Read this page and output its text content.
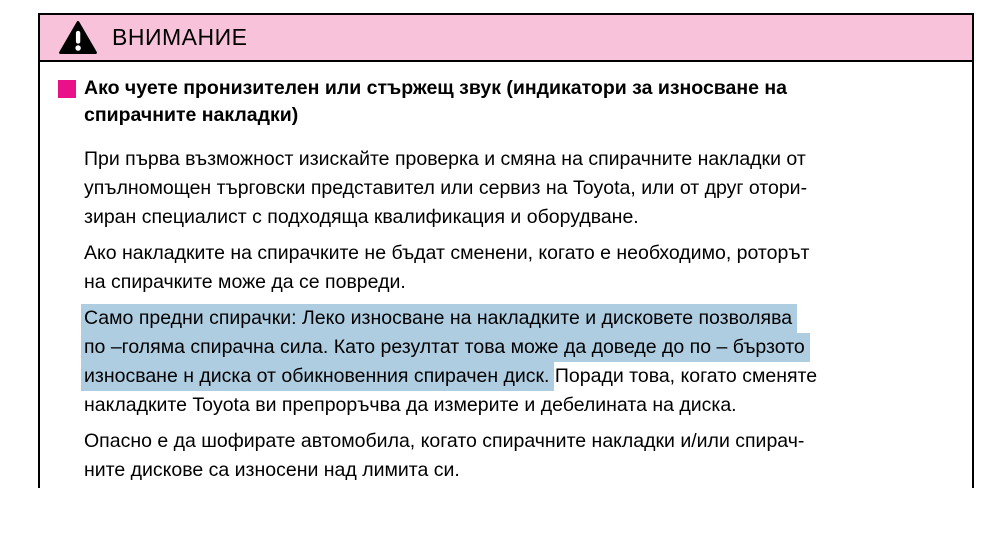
ВНИМАНИЕ
Ако чуете пронизителен или стържещ звук (индикатори за износване на
спирачните накладки)
При първа възможност изискайте проверка и смяна на спирачните накладки от
упълномощен търговски представител или сервиз на Toyota, или от друг отори-
зиран специалист с подходяща квалификация и оборудване.
Ако накладките на спирачките не бъдат сменени, когато е необходимо, роторът
на спирачките може да се повреди.
Само предни спирачки: Леко износване на накладките и дисковете позволява
по –голяма спирачна сила. Като резултат това може да доведе до по – бързото
износване н диска от обикновенния спирачен диск. Поради това, когато сменяте
накладките Toyota ви препроръчва да измерите и дебелината на диска.
Опасно е да шофирате автомобила, когато спирачните накладки и/или спирач-
ните дискове са износени над лимита си.
